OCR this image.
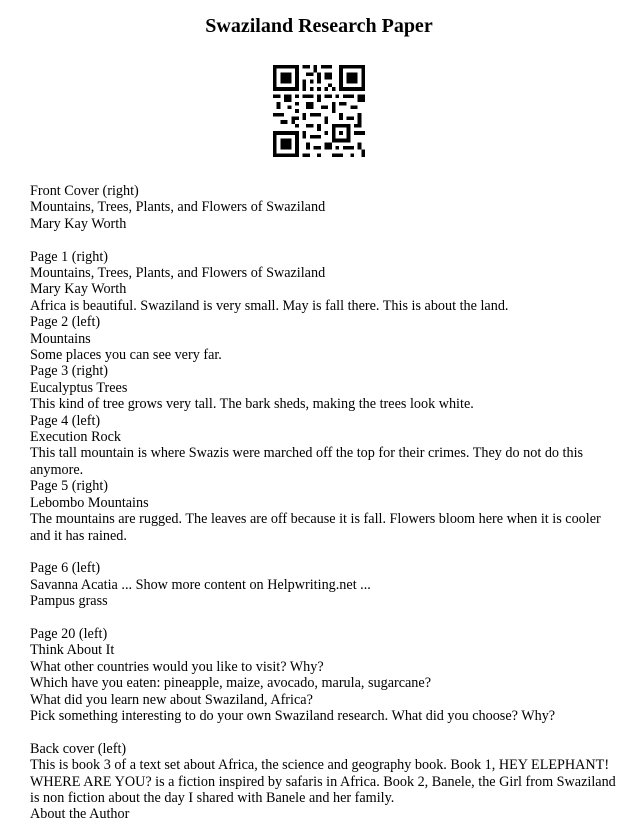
Swaziland Research Paper
Front Cover (right)
Mountains, Trees, Plants, and Flowers of Swaziland
Mary Kay Worth
Page 1 (right)
Mountains, Trees, Plants, and Flowers of Swaziland
Mary Kay Worth
Africa is beautiful. Swaziland is very small. May is fall there. This is about the land.
Page 2 (left)
Mountains
Some places you can see very far.
Page 3 (right)
Eucalyptus Trees
This kind of tree grows very tall. The bark sheds, making the trees look white.
Page 4 (left)
Execution Rock
This tall mountain is where Swazis were marched off the top for their crimes. They do not do this anymore.
Page 5 (right)
Lebombo Mountains
The mountains are rugged. The leaves are off because it is fall. Flowers bloom here when it is cooler and it has rained.
Page 6 (left)
Savanna Acatia ... Show more content on Helpwriting.net ...
Pampus grass
Page 20 (left)
Think About It
What other countries would you like to visit? Why?
Which have you eaten: pineapple, maize, avocado, marula, sugarcane?
What did you learn new about Swaziland, Africa?
Pick something interesting to do your own Swaziland research. What did you choose? Why?
Back cover (left)
This is book 3 of a text set about Africa, the science and geography book. Book 1, HEY ELEPHANT! WHERE ARE YOU? is a fiction inspired by safaris in Africa. Book 2, Banele, the Girl from Swaziland is non fiction about the day I shared with Banele and her family.
About the Author
